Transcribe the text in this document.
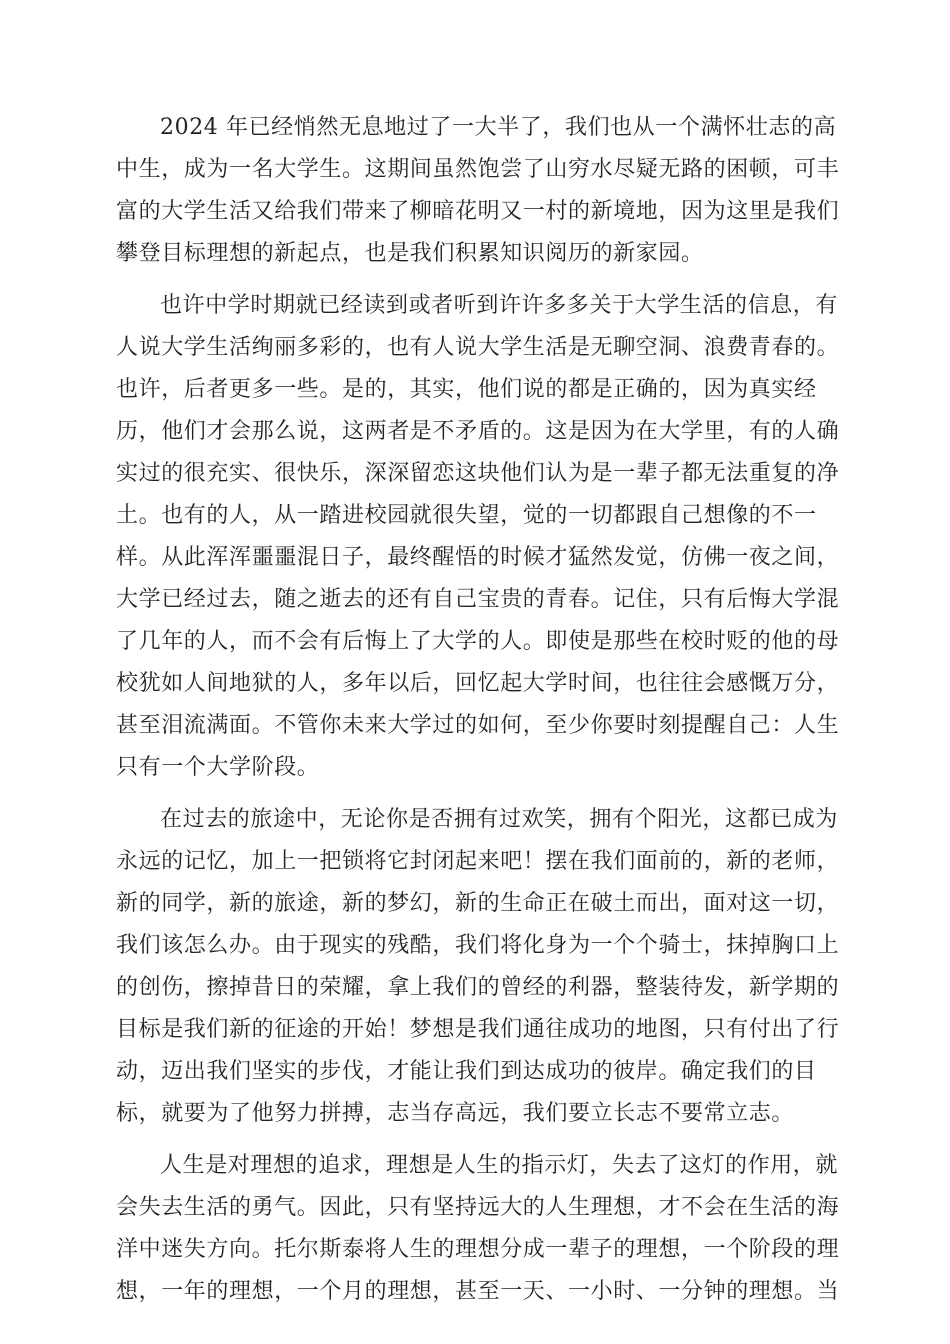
2024 年已经悄然无息地过了一大半了，我们也从一个满怀壮志的高
中生，成为一名大学生。这期间虽然饱尝了山穷水尽疑无路的困顿，可丰
富的大学生活又给我们带来了柳暗花明又一村的新境地，因为这里是我们
攀登目标理想的新起点，也是我们积累知识阅历的新家园。

也许中学时期就已经读到或者听到许许多多关于大学生活的信息，有
人说大学生活绚丽多彩的，也有人说大学生活是无聊空洞、浪费青春的。
也许，后者更多一些。是的，其实，他们说的都是正确的，因为真实经
历，他们才会那么说，这两者是不矛盾的。这是因为在大学里，有的人确
实过的很充实、很快乐，深深留恋这块他们认为是一辈子都无法重复的净
土。也有的人，从一踏进校园就很失望，觉的一切都跟自己想像的不一
样。从此浑浑噩噩混日子，最终醒悟的时候才猛然发觉，仿佛一夜之间，
大学已经过去，随之逝去的还有自己宝贵的青春。记住，只有后悔大学混
了几年的人，而不会有后悔上了大学的人。即使是那些在校时贬的他的母
校犹如人间地狱的人，多年以后，回忆起大学时间，也往往会感慨万分，
甚至泪流满面。不管你未来大学过的如何，至少你要时刻提醒自己：人生
只有一个大学阶段。

在过去的旅途中，无论你是否拥有过欢笑，拥有个阳光，这都已成为
永远的记忆，加上一把锁将它封闭起来吧！摆在我们面前的，新的老师，
新的同学，新的旅途，新的梦幻，新的生命正在破土而出，面对这一切，
我们该怎么办。由于现实的残酷，我们将化身为一个个骑士，抹掉胸口上
的创伤，擦掉昔日的荣耀，拿上我们的曾经的利器，整装待发，新学期的
目标是我们新的征途的开始！梦想是我们通往成功的地图，只有付出了行
动，迈出我们坚实的步伐，才能让我们到达成功的彼岸。确定我们的目
标，就要为了他努力拼搏，志当存高远，我们要立长志不要常立志。

人生是对理想的追求，理想是人生的指示灯，失去了这灯的作用，就
会失去生活的勇气。因此，只有坚持远大的人生理想，才不会在生活的海
洋中迷失方向。托尔斯泰将人生的理想分成一辈子的理想，一个阶段的理
想，一年的理想，一个月的理想，甚至一天、一小时、一分钟的理想。当
